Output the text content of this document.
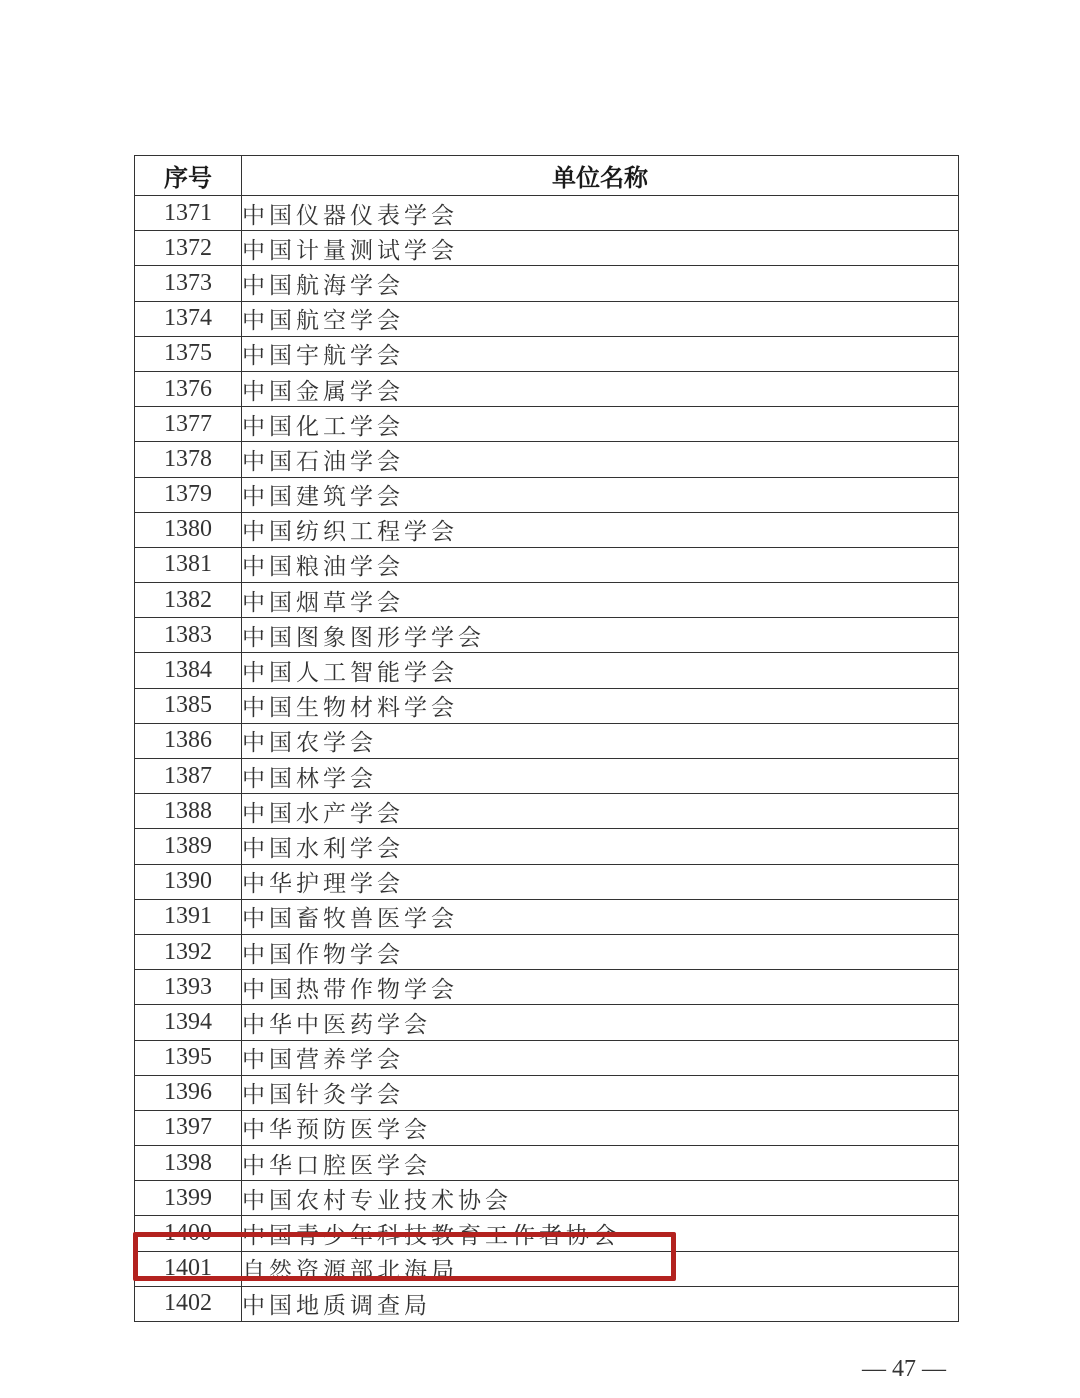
序号	单位名称
1371	中国仪器仪表学会
1372	中国计量测试学会
1373	中国航海学会
1374	中国航空学会
1375	中国宇航学会
1376	中国金属学会
1377	中国化工学会
1378	中国石油学会
1379	中国建筑学会
1380	中国纺织工程学会
1381	中国粮油学会
1382	中国烟草学会
1383	中国图象图形学学会
1384	中国人工智能学会
1385	中国生物材料学会
1386	中国农学会
1387	中国林学会
1388	中国水产学会
1389	中国水利学会
1390	中华护理学会
1391	中国畜牧兽医学会
1392	中国作物学会
1393	中国热带作物学会
1394	中华中医药学会
1395	中国营养学会
1396	中国针灸学会
1397	中华预防医学会
1398	中华口腔医学会
1399	中国农村专业技术协会
1400	中国青少年科技教育工作者协会
1401	自然资源部北海局
1402	中国地质调查局
— 47 —
